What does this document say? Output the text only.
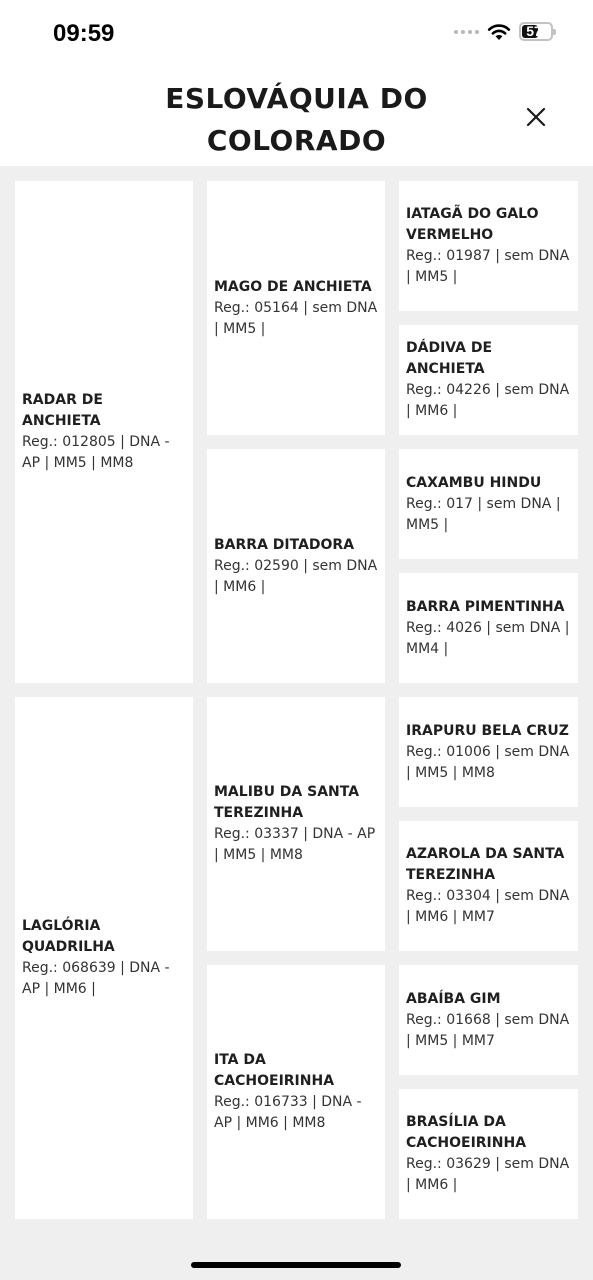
09:59	57
ESLOVÁQUIA DO COLORADO
RADAR DE ANCHIETA
Reg.: 012805 | DNA - AP | MM5 | MM8
LAGLÓRIA QUADRILHA
Reg.: 068639 | DNA - AP | MM6 |
MAGO DE ANCHIETA
Reg.: 05164 | sem DNA | MM5 |
BARRA DITADORA
Reg.: 02590 | sem DNA | MM6 |
MALIBU DA SANTA TEREZINHA
Reg.: 03337 | DNA - AP | MM5 | MM8
ITA DA CACHOEIRINHA
Reg.: 016733 | DNA - AP | MM6 | MM8
IATAGÃ DO GALO VERMELHO
Reg.: 01987 | sem DNA | MM5 |
DÁDIVA DE ANCHIETA
Reg.: 04226 | sem DNA | MM6 |
CAXAMBU HINDU
Reg.: 017 | sem DNA | MM5 |
BARRA PIMENTINHA
Reg.: 4026 | sem DNA | MM4 |
IRAPURU BELA CRUZ
Reg.: 01006 | sem DNA | MM5 | MM8
AZAROLA DA SANTA TEREZINHA
Reg.: 03304 | sem DNA | MM6 | MM7
ABAÍBA GIM
Reg.: 01668 | sem DNA | MM5 | MM7
BRASÍLIA DA CACHOEIRINHA
Reg.: 03629 | sem DNA | MM6 |
